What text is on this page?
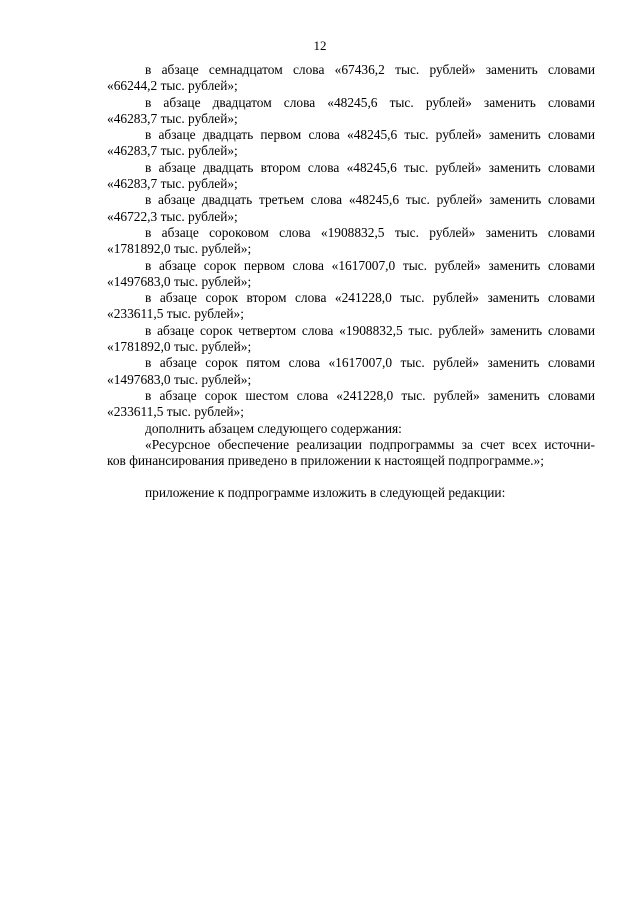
12

в абзаце семнадцатом слова «67436,2 тыс. рублей» заменить словами

«66244,2 тыс. рублей»;

в абзаце двадцатом слова «48245,6 тыс. рублей» заменить словами

«46283,7 тыс. рублей»;

в абзаце двадцать первом слова «48245,6 тыс. рублей» заменить словами

«46283,7 тыс. рублей»;

в абзаце двадцать втором слова «48245,6 тыс. рублей» заменить словами

«46283,7 тыс. рублей»;

в абзаце двадцать третьем слова «48245,6 тыс. рублей» заменить словами

«46722,3 тыс. рублей»;

в абзаце сороковом слова «1908832,5 тыс. рублей» заменить словами

«1781892,0 тыс. рублей»;

в абзаце сорок первом слова «1617007,0 тыс. рублей» заменить словами

«1497683,0 тыс. рублей»;

в абзаце сорок втором слова «241228,0 тыс. рублей» заменить словами

«233611,5 тыс. рублей»;

в абзаце сорок четвертом слова «1908832,5 тыс. рублей» заменить словами

«1781892,0 тыс. рублей»;

в абзаце сорок пятом слова «1617007,0 тыс. рублей» заменить словами

«1497683,0 тыс. рублей»;

в абзаце сорок шестом слова «241228,0 тыс. рублей» заменить словами

«233611,5 тыс. рублей»;

дополнить абзацем следующего содержания:

«Ресурсное обеспечение реализации подпрограммы за счет всех источни-

ков финансирования приведено в приложении к настоящей подпрограмме.»;

приложение к подпрограмме изложить в следующей редакции:
